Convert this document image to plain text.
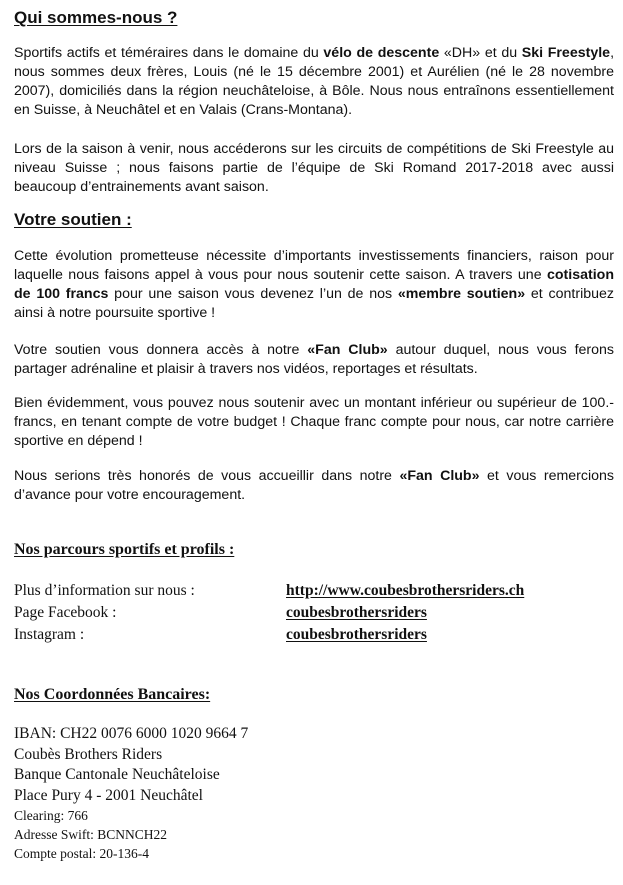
Qui sommes-nous ?
Sportifs actifs et téméraires dans le domaine du vélo de descente «DH» et du Ski Freestyle, nous sommes deux frères, Louis (né le 15 décembre 2001) et Aurélien (né le 28 novembre 2007), domiciliés dans la région neuchâteloise, à Bôle. Nous nous entraînons essentiellement en Suisse, à Neuchâtel et en Valais (Crans-Montana).
Lors de la saison à venir, nous accéderons sur les circuits de compétitions de Ski Freestyle au niveau Suisse ; nous faisons partie de l’équipe de Ski Romand 2017-2018 avec aussi beaucoup d’entrainements avant saison.
Votre soutien :
Cette évolution prometteuse nécessite d’importants investissements financiers, raison pour laquelle nous faisons appel à vous pour nous soutenir cette saison. A travers une cotisation de 100 francs pour une saison vous devenez l’un de nos «membre soutien» et contribuez ainsi à notre poursuite sportive !
Votre soutien vous donnera accès à notre «Fan Club» autour duquel, nous vous ferons partager adrénaline et plaisir à travers nos vidéos, reportages et résultats.
Bien évidemment, vous pouvez nous soutenir avec un montant inférieur ou supérieur de 100.- francs, en tenant compte de votre budget ! Chaque franc compte pour nous, car notre carrière sportive en dépend !
Nous serions très honorés de vous accueillir dans notre «Fan Club» et vous remercions d’avance pour votre encouragement.
Nos parcours sportifs et profils :
Plus d’information sur nous :	http://www.coubesbrothersriders.ch
Page Facebook :	coubesbrothersriders
Instagram :	coubesbrothersriders
Nos Coordonnées Bancaires:
IBAN: CH22 0076 6000 1020 9664 7
Coubès Brothers Riders
Banque Cantonale Neuchâteloise
Place Pury 4 - 2001 Neuchâtel
Clearing: 766
Adresse Swift: BCNNCH22
Compte postal: 20-136-4
